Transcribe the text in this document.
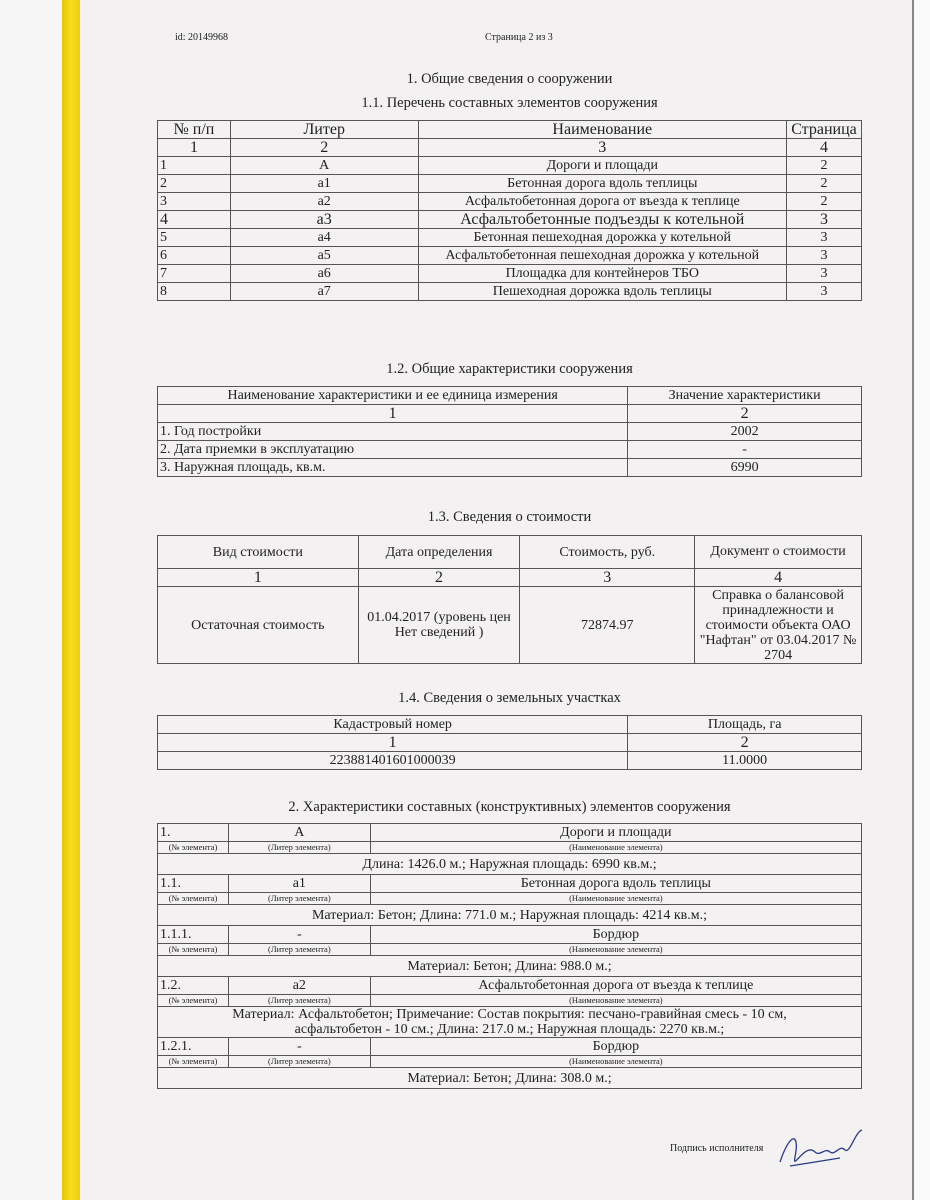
id: 20149968	Страница 2 из 3
1. Общие сведения о сооружении
1.1. Перечень составных элементов сооружения
№ п/п	Литер	Наименование	Страница
1	2	3	4
1	А	Дороги и площади	2
2	а1	Бетонная дорога вдоль теплицы	2
3	а2	Асфальтобетонная дорога от въезда к теплице	2
4	а3	Асфальтобетонные подъезды к котельной	3
5	а4	Бетонная пешеходная дорожка у котельной	3
6	а5	Асфальтобетонная пешеходная дорожка у котельной	3
7	а6	Площадка для контейнеров ТБО	3
8	а7	Пешеходная дорожка вдоль теплицы	3
1.2. Общие характеристики сооружения
Наименование характеристики и ее единица измерения	Значение характеристики
1	2
1. Год постройки	2002
2. Дата приемки в эксплуатацию	-
3. Наружная площадь, кв.м.	6990
1.3. Сведения о стоимости
Вид стоимости	Дата определения	Стоимость, руб.	Документ о стоимости
1	2	3	4
Остаточная стоимость	01.04.2017 (уровень цен Нет сведений )	72874.97	Справка о балансовой принадлежности и стоимости объекта ОАО "Нафтан" от 03.04.2017 № 2704
1.4. Сведения о земельных участках
Кадастровый номер	Площадь, га
1	2
223881401601000039	11.0000
2. Характеристики составных (конструктивных) элементов сооружения
1.	А	Дороги и площади
(№ элемента)	(Литер элемента)	(Наименование элемента)
Длина: 1426.0 м.; Наружная площадь: 6990 кв.м.;		
1.1.	а1	Бетонная дорога вдоль теплицы
(№ элемента)	(Литер элемента)	(Наименование элемента)
Материал: Бетон; Длина: 771.0 м.; Наружная площадь: 4214 кв.м.;		
1.1.1.	-	Бордюр
(№ элемента)	(Литер элемента)	(Наименование элемента)
Материал: Бетон; Длина: 988.0 м.;		
1.2.	а2	Асфальтобетонная дорога от въезда к теплице
(№ элемента)	(Литер элемента)	(Наименование элемента)
Материал: Асфальтобетон; Примечание: Состав покрытия: песчано-гравийная смесь - 10 см, асфальтобетон - 10 см.; Длина: 217.0 м.; Наружная площадь: 2270 кв.м.;		
1.2.1.	-	Бордюр
(№ элемента)	(Литер элемента)	(Наименование элемента)
Материал: Бетон; Длина: 308.0 м.;		
Подпись исполнителя
